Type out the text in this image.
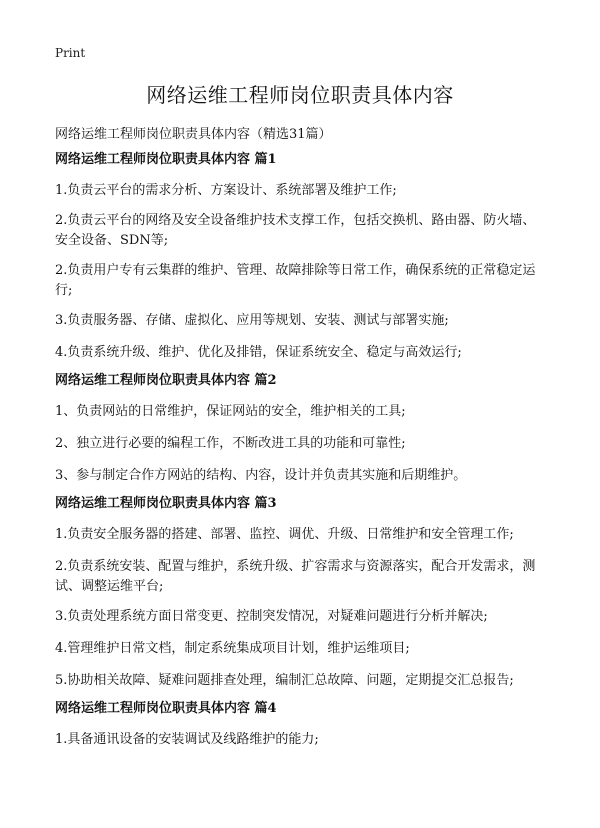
Print
网络运维工程师岗位职责具体内容
网络运维工程师岗位职责具体内容（精选31篇）
网络运维工程师岗位职责具体内容 篇1

1.负责云平台的需求分析、方案设计、系统部署及维护工作;

2.负责云平台的网络及安全设备维护技术支撑工作，包括交换机、路由器、防火墙、安全设备、SDN等;

2.负责用户专有云集群的维护、管理、故障排除等日常工作，确保系统的正常稳定运行;

3.负责服务器、存储、虚拟化、应用等规划、安装、测试与部署实施;

4.负责系统升级、维护、优化及排错，保证系统安全、稳定与高效运行;

网络运维工程师岗位职责具体内容 篇2

1、负责网站的日常维护，保证网站的安全，维护相关的工具;

2、独立进行必要的编程工作，不断改进工具的功能和可靠性;

3、参与制定合作方网站的结构、内容，设计并负责其实施和后期维护。

网络运维工程师岗位职责具体内容 篇3

1.负责安全服务器的搭建、部署、监控、调优、升级、日常维护和安全管理工作;

2.负责系统安装、配置与维护，系统升级、扩容需求与资源落实，配合开发需求，测试、调整运维平台;

3.负责处理系统方面日常变更、控制突发情况，对疑难问题进行分析并解决;

4.管理维护日常文档，制定系统集成项目计划，维护运维项目;

5.协助相关故障、疑难问题排查处理，编制汇总故障、问题，定期提交汇总报告;

网络运维工程师岗位职责具体内容 篇4

1.具备通讯设备的安装调试及线路维护的能力;
